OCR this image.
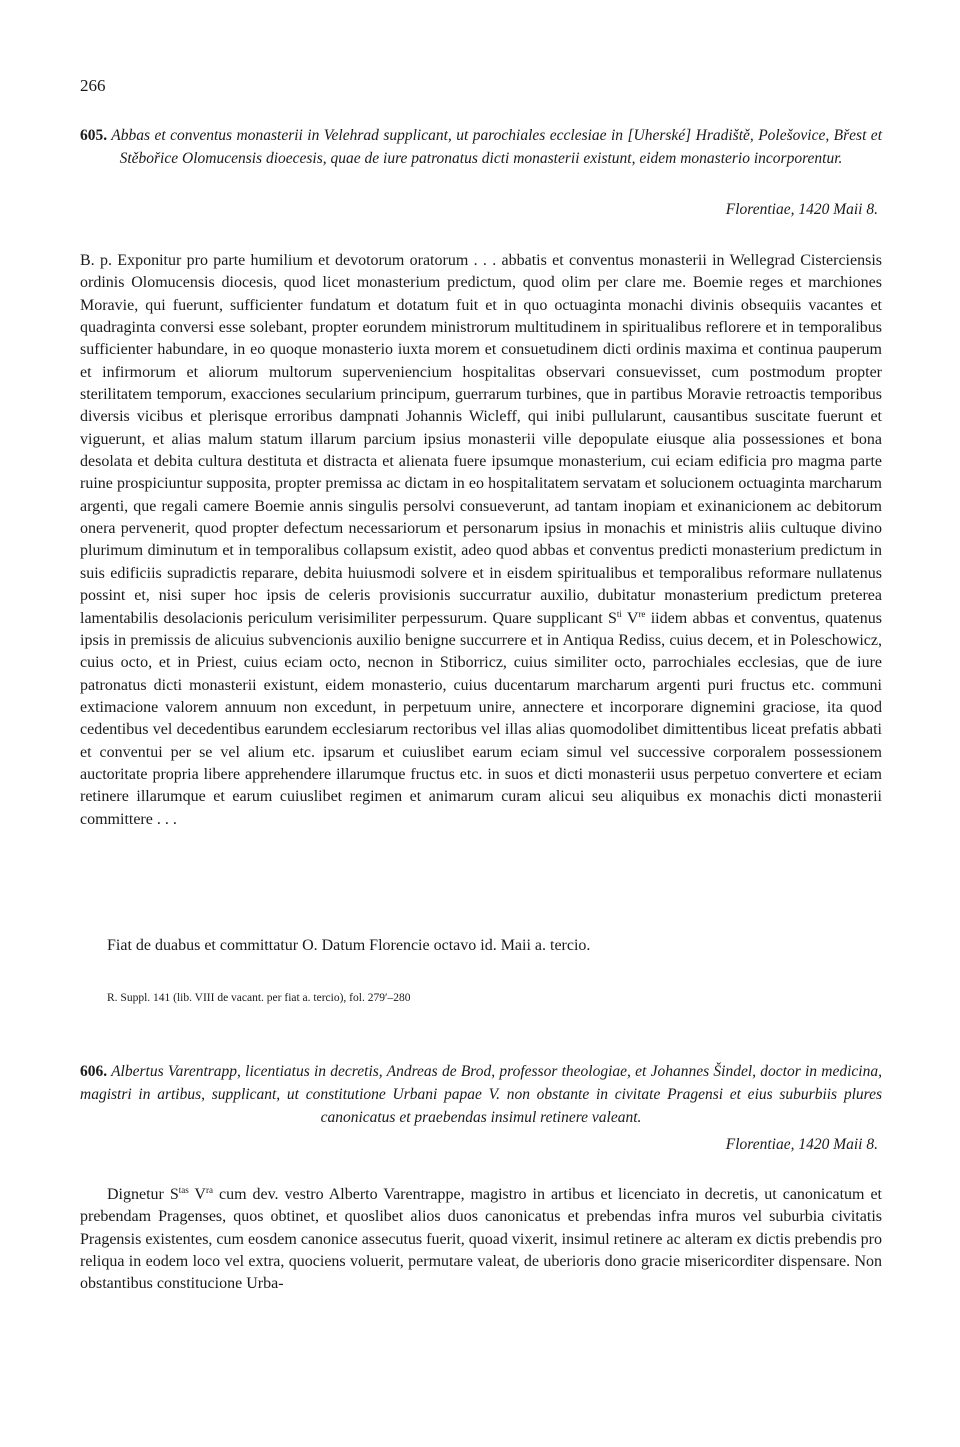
266
605. Abbas et conventus monasterii in Velehrad supplicant, ut parochiales ecclesiae in [Uherské] Hradiště, Polešovice, Břest et Stěbořice Olomucensis dioecesis, quae de iure patronatus dicti monasterii existunt, eidem monasterio incorporentur.
Florentiae, 1420 Maii 8.

B. p. Exponitur pro parte humilium et devotorum oratorum . . . abbatis et conventus monasterii in Wellegrad Cisterciensis ordinis Olomucensis diocesis, quod licet monasterium predictum, quod olim per clare me. Boemie reges et marchiones Moravie, qui fuerunt, sufficienter fundatum et dotatum fuit et in quo octuaginta monachi divinis obsequiis vacantes et quadraginta conversi esse solebant, propter eorundem ministrorum multitudinem in spiritualibus reflorere et in temporalibus sufficienter habundare, in eo quoque monasterio iuxta morem et consuetudinem dicti ordinis maxima et continua pauperum et infirmorum et aliorum multorum superveniencium hospitalitas observari consuevisset, cum postmodum propter sterilitatem temporum, exacciones secularium principum, guerrarum turbines, que in partibus Moravie retroactis temporibus diversis vicibus et plerisque erroribus dampnati Johannis Wicleff, qui inibi pullularunt, causantibus suscitate fuerunt et viguerunt, et alias malum statum illarum parcium ipsius monasterii ville depopulate eiusque alia possessiones et bona desolata et debita cultura destituta et distracta et alienata fuere ipsumque monasterium, cui eciam edificia pro magma parte ruine prospiciuntur supposita, propter premissa ac dictam in eo hospitalitatem servatam et solucionem octuaginta marcharum argenti, que regali camere Boemie annis singulis persolvi consueverunt, ad tantam inopiam et exinanicionem ac debitorum onera pervenerit, quod propter defectum necessariorum et personarum ipsius in monachis et ministris aliis cultuque divino plurimum diminutum et in temporalibus collapsum existit, adeo quod abbas et conventus predicti monasterium predictum in suis edificiis supradictis reparare, debita huiusmodi solvere et in eisdem spiritualibus et temporalibus reformare nullatenus possint et, nisi super hoc ipsis de celeris provisionis succurratur auxilio, dubitatur monasterium predictum preterea lamentabilis desolacionis periculum verisimiliter perpessurum. Quare supplicant $S^{ti}$ Vre iidem abbas et conventus, quatenus ipsis in premissis de alicuius subvencionis auxilio benigne succurrere et in Antiqua Rediss, cuius decem, et in Poleschowicz, cuius octo, et in Priest, cuius eciam octo, necnon in Stiborricz, cuius similiter octo, parrochiales ecclesias, que de iure patronatus dicti monasterii existunt, eidem monasterio, cuius ducentarum marcharum argenti puri fructus etc. communi extimacione valorem annuum non excedunt, in perpetuum unire, annectere et incorporare dignemini graciose, ita quod cedentibus vel decedentibus earundem ecclesiarum rectoribus vel illas alias quomodolibet dimittentibus liceat prefatis abbati et conventui per se vel alium etc. ipsarum et cuiuslibet earum eciam simul vel successive corporalem possessionem auctoritate propria libere apprehendere illarumque fructus etc. in suos et dicti monasterii usus perpetuo convertere et eciam retinere illarumque et earum cuiuslibet regimen et animarum curam alicui seu aliquibus ex monachis dicti monasterii committere . . .

Fiat de duabus et committatur O. Datum Florencie octavo id. Maii a. tercio.
R. Suppl. 141 (lib. VIII de vacant. per fiat a. tercio), fol. 279′–280
606. Albertus Varentrapp, licentiatus in decretis, Andreas de Brod, professor theologiae, et Johannes Šindel, doctor in medicina, magistri in artibus, supplicant, ut constitutione Urbani papae V. non obstante in civitate Pragensi et eius suburbiis plures canonicatus et praebendas insimul retinere valeant.
Florentiae, 1420 Maii 8.

Dignetur $S^{tas}$ $V^{ra}$ cum dev. vestro Alberto Varentrappe, magistro in artibus et licenciato in decretis, ut canonicatum et prebendam Pragenses, quos obtinet, et quoslibet alios duos canonicatus et prebendas infra muros vel suburbia civitatis Pragensis existentes, cum eosdem canonice assecutus fuerit, quoad vixerit, insimul retinere ac alteram ex dictis prebendis pro reliqua in eodem loco vel extra, quociens voluerit, permutare valeat, de uberioris dono gracie misericorditer dispensare. Non obstantibus constitucione Urba-
